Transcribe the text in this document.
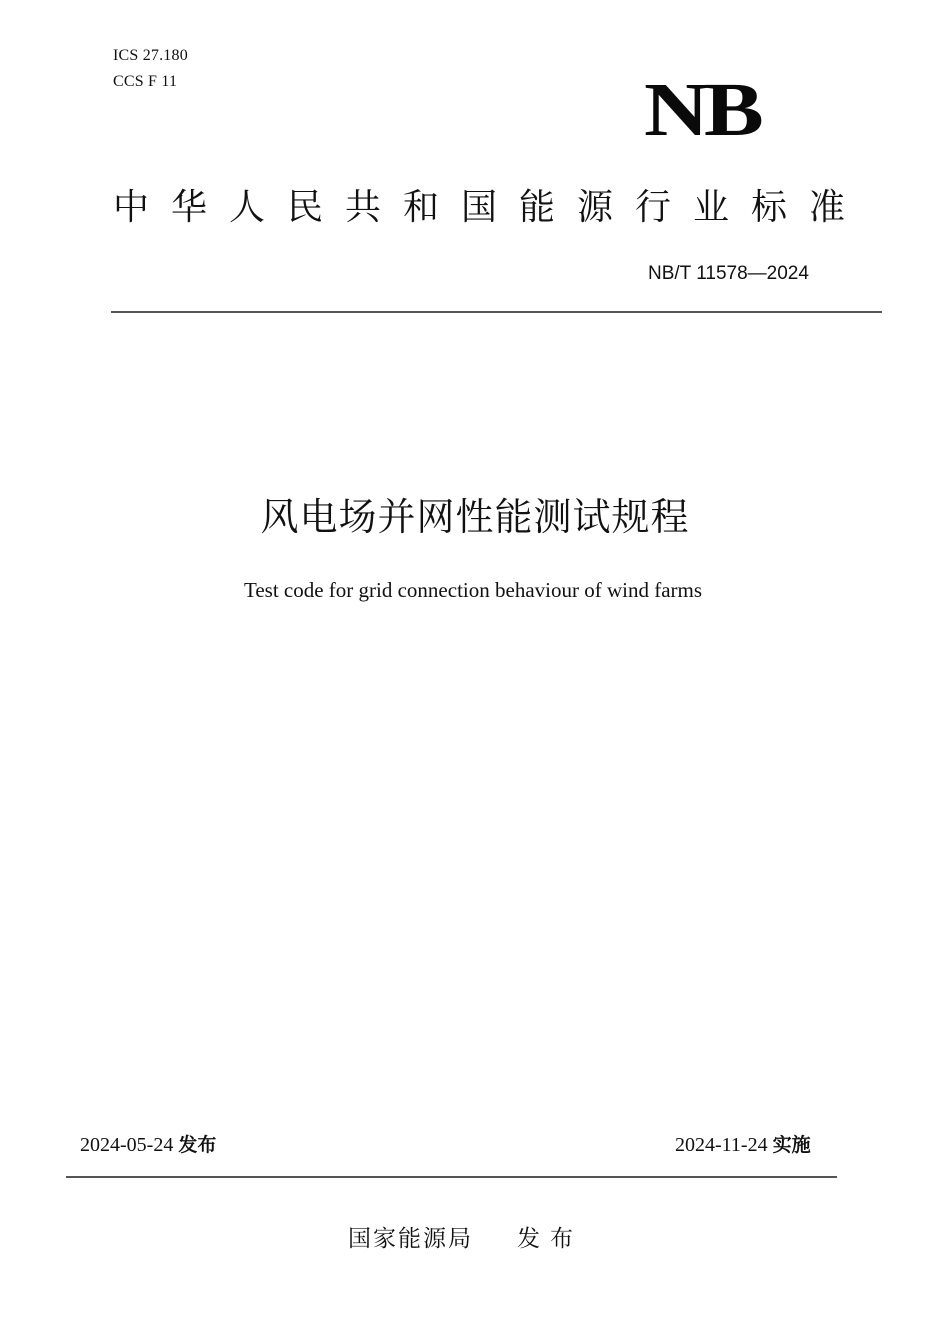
ICS 27.180
CCS F 11	NB
中华人民共和国能源行业标准
NB/T 11578—2024
风电场并网性能测试规程
Test code for grid connection behaviour of wind farms
2024-05-24 发布	2024-11-24 实施
国家能源局 发布
